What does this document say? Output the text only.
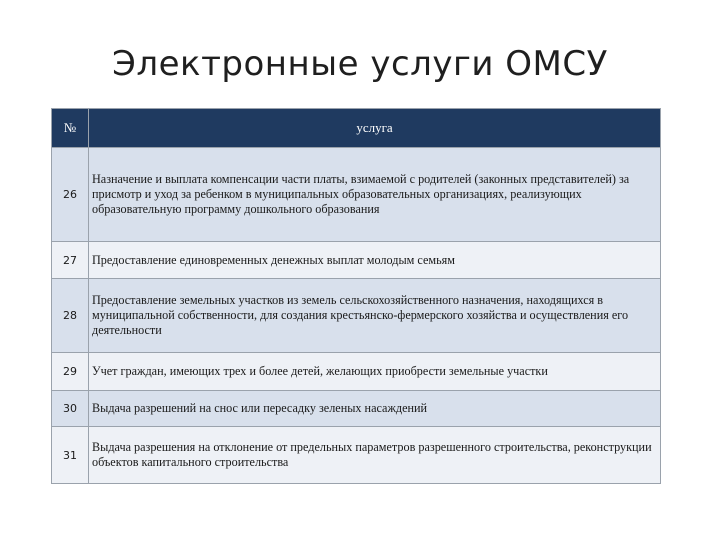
Электронные услуги ОМСУ
№	услуга
26	Назначение и выплата компенсации части платы, взимаемой с родителей (законных представителей) за присмотр и уход за ребенком в муниципальных образовательных организациях, реализующих образовательную программу дошкольного образования
27	Предоставление единовременных денежных выплат молодым семьям
28	Предоставление земельных участков из земель сельскохозяйственного назначения, находящихся в муниципальной собственности, для создания крестьянско-фермерского хозяйства и осуществления его деятельности
29	Учет граждан, имеющих трех и более детей, желающих приобрести земельные участки
30	Выдача разрешений на снос или пересадку зеленых насаждений
31	Выдача разрешения на отклонение от предельных параметров разрешенного строительства, реконструкции объектов капитального строительства
